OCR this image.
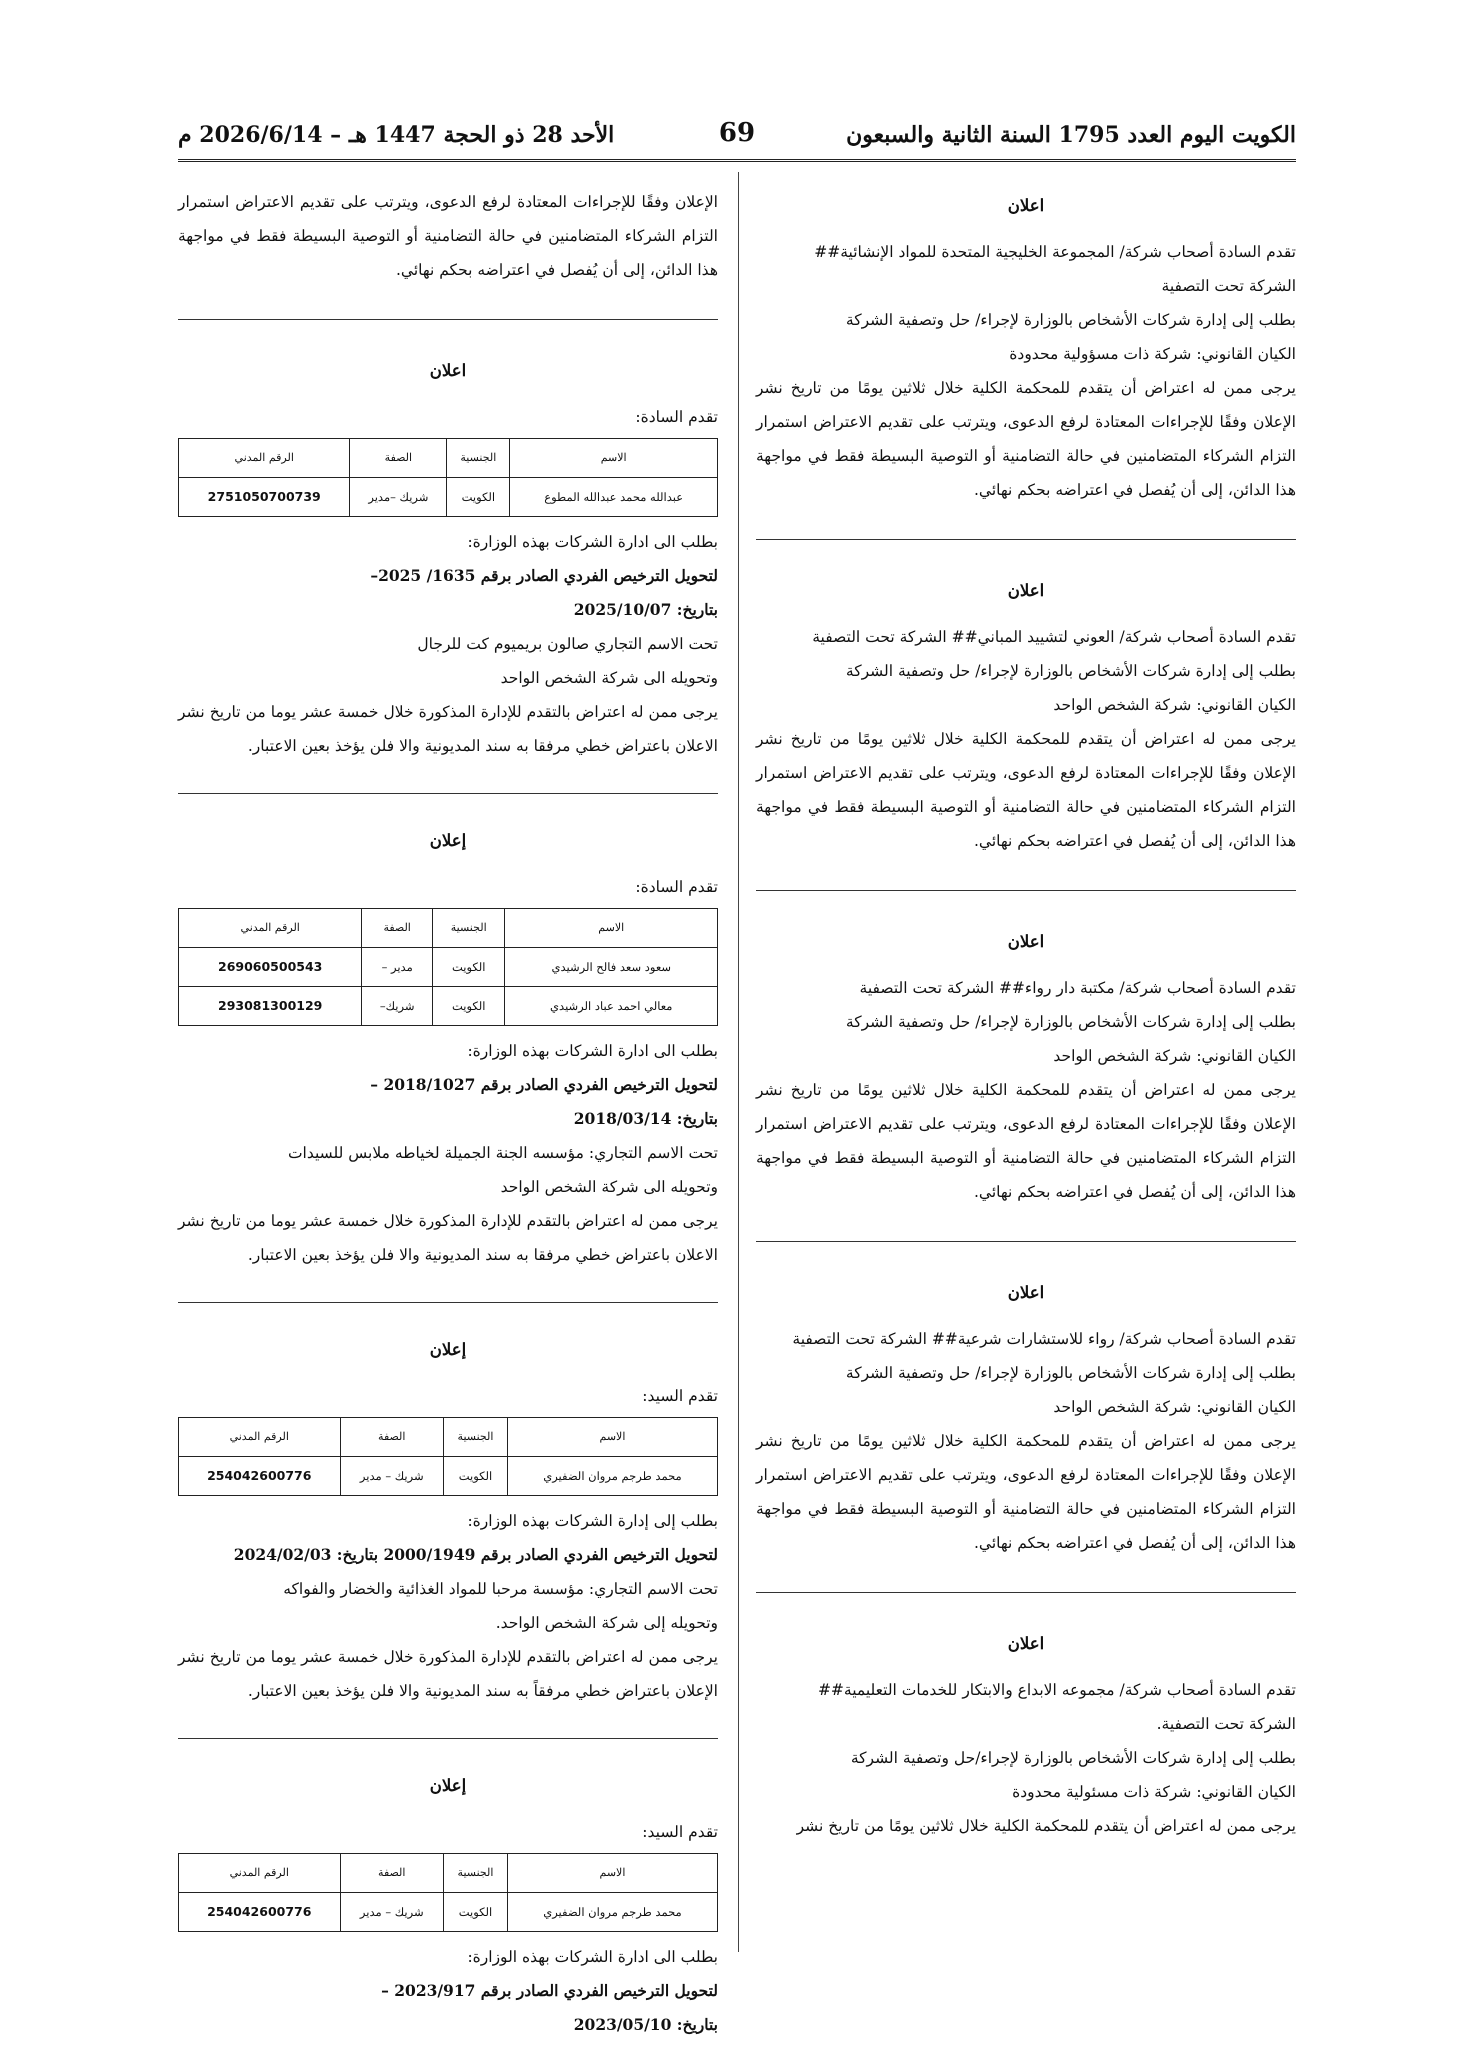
الكويت اليوم العدد 1795 السنة الثانية والسبعون
69
الأحد 28 ذو الحجة 1447 هـ – 2026/6/14 م
اعلان

تقدم السادة أصحاب شركة/ المجموعة الخليجية المتحدة للمواد الإنشائية##

الشركة تحت التصفية

بطلب إلى إدارة شركات الأشخاص بالوزارة لإجراء/ حل وتصفية الشركة

الكيان القانوني: شركة ذات مسؤولية محدودة

يرجى ممن له اعتراض أن يتقدم للمحكمة الكلية خلال ثلاثين يومًا من تاريخ نشر الإعلان وفقًا للإجراءات المعتادة لرفع الدعوى، ويترتب على تقديم الاعتراض استمرار التزام الشركاء المتضامنين في حالة التضامنية أو التوصية البسيطة فقط في مواجهة هذا الدائن، إلى أن يُفصل في اعتراضه بحكم نهائي.

اعلان

تقدم السادة أصحاب شركة/ العوني لتشييد المباني## الشركة تحت التصفية

بطلب إلى إدارة شركات الأشخاص بالوزارة لإجراء/ حل وتصفية الشركة

الكيان القانوني: شركة الشخص الواحد

يرجى ممن له اعتراض أن يتقدم للمحكمة الكلية خلال ثلاثين يومًا من تاريخ نشر الإعلان وفقًا للإجراءات المعتادة لرفع الدعوى، ويترتب على تقديم الاعتراض استمرار التزام الشركاء المتضامنين في حالة التضامنية أو التوصية البسيطة فقط في مواجهة هذا الدائن، إلى أن يُفصل في اعتراضه بحكم نهائي.

اعلان

تقدم السادة أصحاب شركة/ مكتبة دار رواء## الشركة تحت التصفية

بطلب إلى إدارة شركات الأشخاص بالوزارة لإجراء/ حل وتصفية الشركة

الكيان القانوني: شركة الشخص الواحد

يرجى ممن له اعتراض أن يتقدم للمحكمة الكلية خلال ثلاثين يومًا من تاريخ نشر الإعلان وفقًا للإجراءات المعتادة لرفع الدعوى، ويترتب على تقديم الاعتراض استمرار التزام الشركاء المتضامنين في حالة التضامنية أو التوصية البسيطة فقط في مواجهة هذا الدائن، إلى أن يُفصل في اعتراضه بحكم نهائي.

اعلان

تقدم السادة أصحاب شركة/ رواء للاستشارات شرعية## الشركة تحت التصفية

بطلب إلى إدارة شركات الأشخاص بالوزارة لإجراء/ حل وتصفية الشركة

الكيان القانوني: شركة الشخص الواحد

يرجى ممن له اعتراض أن يتقدم للمحكمة الكلية خلال ثلاثين يومًا من تاريخ نشر الإعلان وفقًا للإجراءات المعتادة لرفع الدعوى، ويترتب على تقديم الاعتراض استمرار التزام الشركاء المتضامنين في حالة التضامنية أو التوصية البسيطة فقط في مواجهة هذا الدائن، إلى أن يُفصل في اعتراضه بحكم نهائي.

اعلان

تقدم السادة أصحاب شركة/ مجموعه الابداع والابتكار للخدمات التعليمية##

الشركة تحت التصفية.

بطلب إلى إدارة شركات الأشخاص بالوزارة لإجراء/حل وتصفية الشركة

الكيان القانوني: شركة ذات مسئولية محدودة

يرجى ممن له اعتراض أن يتقدم للمحكمة الكلية خلال ثلاثين يومًا من تاريخ نشر

الإعلان وفقًا للإجراءات المعتادة لرفع الدعوى، ويترتب على تقديم الاعتراض استمرار التزام الشركاء المتضامنين في حالة التضامنية أو التوصية البسيطة فقط في مواجهة هذا الدائن، إلى أن يُفصل في اعتراضه بحكم نهائي.

اعلان

تقدم السادة:

الاسم	الجنسية	الصفة	الرقم المدني
عبدالله محمد عبدالله المطوع	الكويت	شريك –مدير	275105070073​9

بطلب الى ادارة الشركات بهذه الوزارة:

لتحويل الترخيص الفردي الصادر برقم 1635/ 2025–

بتاريخ: 2025/10/07

تحت الاسم التجاري صالون بريميوم كت للرجال

وتحويله الى شركة الشخص الواحد

يرجى ممن له اعتراض بالتقدم للإدارة المذكورة خلال خمسة عشر يوما من تاريخ نشر الاعلان باعتراض خطي مرفقا به سند المديونية والا فلن يؤخذ بعين الاعتبار.

إعلان

تقدم السادة:

الاسم	الجنسية	الصفة	الرقم المدني
سعود سعد فالح الرشيدي	الكويت	مدير –	269060500543
معالي احمد عباد الرشيدي	الكويت	شريك–	293081300129

بطلب الى ادارة الشركات بهذه الوزارة:

لتحويل الترخيص الفردي الصادر برقم 2018/1027 –

بتاريخ: 2018/03/14

تحت الاسم التجاري: مؤسسه الجنة الجميلة لخياطه ملابس للسيدات

وتحويله الى شركة الشخص الواحد

يرجى ممن له اعتراض بالتقدم للإدارة المذكورة خلال خمسة عشر يوما من تاريخ نشر الاعلان باعتراض خطي مرفقا به سند المديونية والا فلن يؤخذ بعين الاعتبار.

إعلان

تقدم السيد:

الاسم	الجنسية	الصفة	الرقم المدني
محمد طرجم مروان الضفيري	الكويت	شريك – مدير	254042600776

بطلب إلى إدارة الشركات بهذه الوزارة:

لتحويل الترخيص الفردي الصادر برقم 2000/1949 بتاريخ: 2024/02/03

تحت الاسم التجاري: مؤسسة مرحبا للمواد الغذائية والخضار والفواكه

وتحويله إلى شركة الشخص الواحد.

يرجى ممن له اعتراض بالتقدم للإدارة المذكورة خلال خمسة عشر يوما من تاريخ نشر الإعلان باعتراض خطي مرفقاً به سند المديونية والا فلن يؤخذ بعين الاعتبار.

إعلان

تقدم السيد:

الاسم	الجنسية	الصفة	الرقم المدني
محمد طرجم مروان الضفيري	الكويت	شريك – مدير	254042600776

بطلب الى ادارة الشركات بهذه الوزارة:

لتحويل الترخيص الفردي الصادر برقم 2023/917 –

بتاريخ: 2023/05/10
